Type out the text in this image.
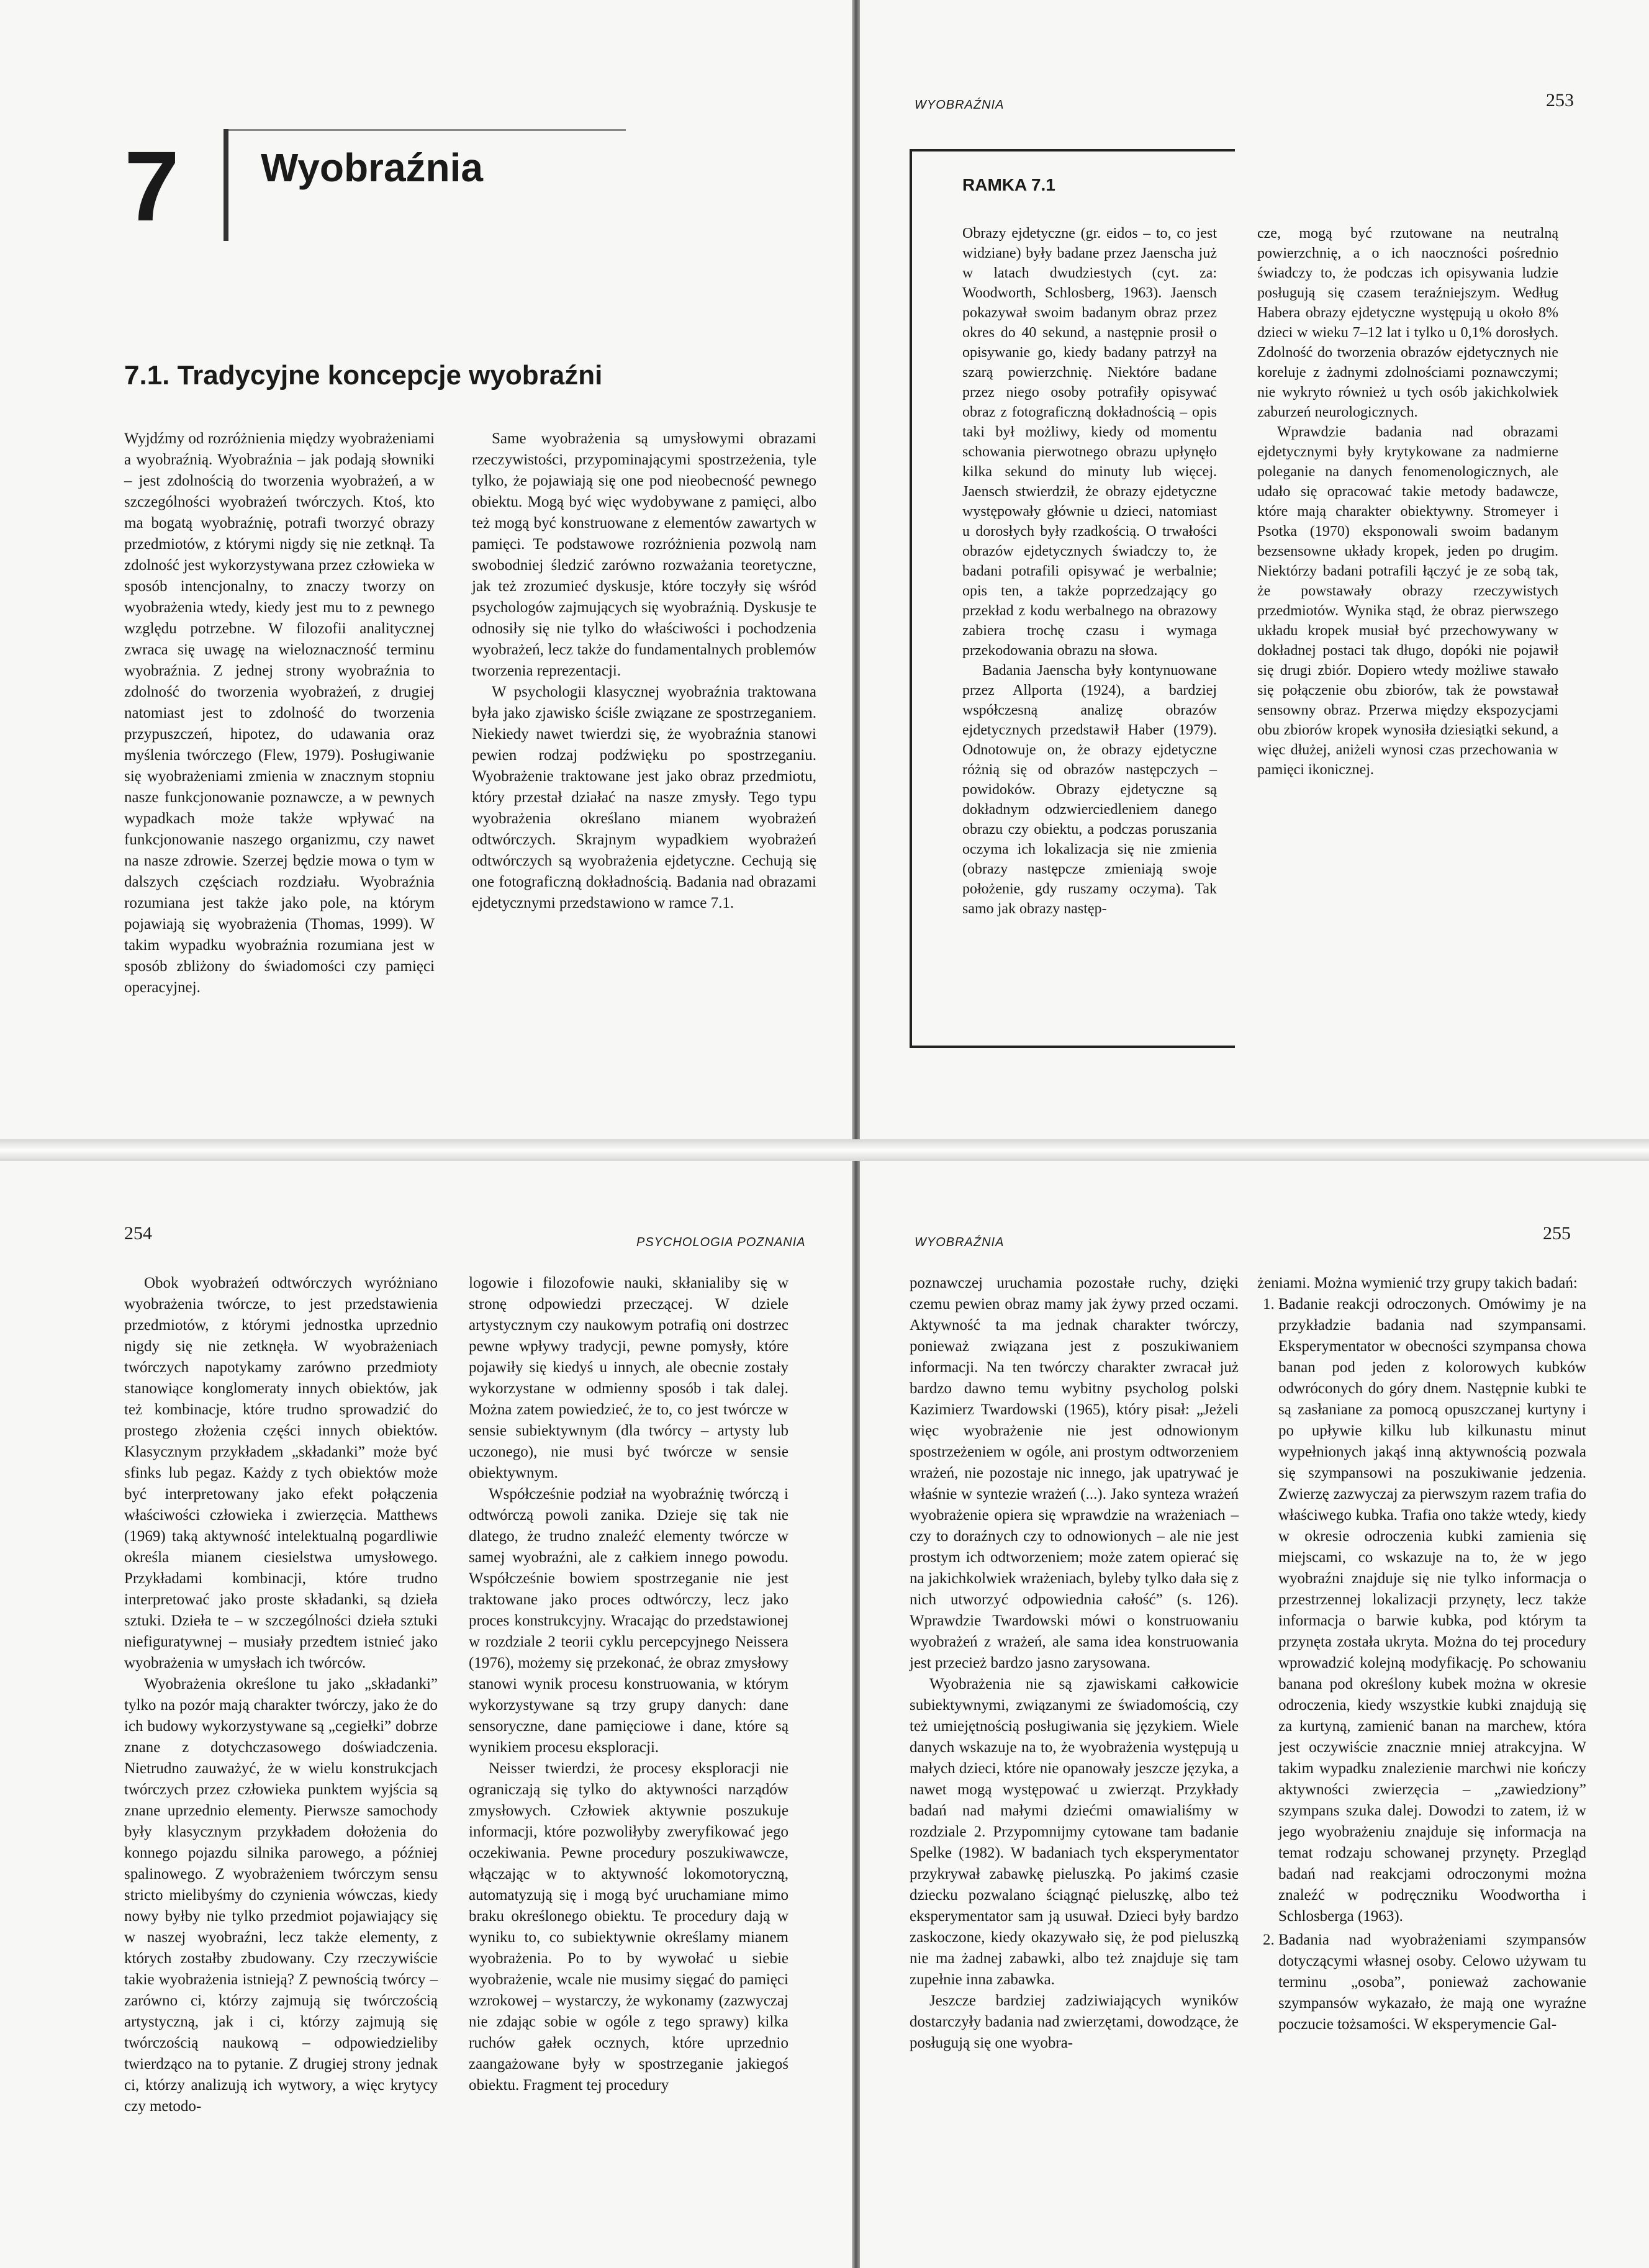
7 Wyobraźnia
7.1. Tradycyjne koncepcje wyobraźni

Wyjdźmy od rozróżnienia między wyobrażeniami a wyobraźnią. Wyobraźnia – jak podają słowniki – jest zdolnością do tworzenia wyobrażeń, a w szczególności wyobrażeń twórczych. Ktoś, kto ma bogatą wyobraźnię, potrafi tworzyć obrazy przedmiotów, z którymi nigdy się nie zetknął. Ta zdolność jest wykorzystywana przez człowieka w sposób intencjonalny, to znaczy tworzy on wyobrażenia wtedy, kiedy jest mu to z pewnego względu potrzebne. W filozofii analitycznej zwraca się uwagę na wieloznaczność terminu wyobraźnia. Z jednej strony wyobraźnia to zdolność do tworzenia wyobrażeń, z drugiej natomiast jest to zdolność do tworzenia przypuszczeń, hipotez, do udawania oraz myślenia twórczego (Flew, 1979). Posługiwanie się wyobrażeniami zmienia w znacznym stopniu nasze funkcjonowanie poznawcze, a w pewnych wypadkach może także wpływać na funkcjonowanie naszego organizmu, czy nawet na nasze zdrowie. Szerzej będzie mowa o tym w dalszych częściach rozdziału. Wyobraźnia rozumiana jest także jako pole, na którym pojawiają się wyobrażenia (Thomas, 1999). W takim wypadku wyobraźnia rozumiana jest w sposób zbliżony do świadomości czy pamięci operacyjnej.

Same wyobrażenia są umysłowymi obrazami rzeczywistości, przypominającymi spostrzeżenia, tyle tylko, że pojawiają się one pod nieobecność pewnego obiektu. Mogą być więc wydobywane z pamięci, albo też mogą być konstruowane z elementów zawartych w pamięci. Te podstawowe rozróżnienia pozwolą nam swobodniej śledzić zarówno rozważania teoretyczne, jak też zrozumieć dyskusje, które toczyły się wśród psychologów zajmujących się wyobraźnią. Dyskusje te odnosiły się nie tylko do właściwości i pochodzenia wyobrażeń, lecz także do fundamentalnych problemów tworzenia reprezentacji.

W psychologii klasycznej wyobraźnia traktowana była jako zjawisko ściśle związane ze spostrzeganiem. Niekiedy nawet twierdzi się, że wyobraźnia stanowi pewien rodzaj podźwięku po spostrzeganiu. Wyobrażenie traktowane jest jako obraz przedmiotu, który przestał działać na naszе zmysły. Tego typu wyobrażenia określano mianem wyobrażeń odtwórczych. Skrajnym wypadkiem wyobrażeń odtwórczych są wyobrażenia ejdetyczne. Cechują się one fotograficzną dokładnością. Badania nad obrazami ejdetycznymi przedstawiono w ramce 7.1.

WYOBRAŹNIA	253
RAMKA 7.1

Obrazy ejdetyczne (gr. eidos – to, co jest widziane) były badane przez Jaenscha już w latach dwudziestych (cyt. za: Woodworth, Schlosberg, 1963). Jaensch pokazywał swoim badanym obraz przez okres do 40 sekund, a następnie prosił o opisywanie go, kiedy badany patrzył na szarą powierzchnię. Niektóre badane przez niego osoby potrafiły opisywać obraz z fotograficzną dokładnością – opis taki był możliwy, kiedy od momentu schowania pierwotnego obrazu upłynęło kilka sekund do minuty lub więcej. Jaensch stwierdził, że obrazy ejdetyczne występowały głównie u dzieci, natomiast u dorosłych były rzadkością. O trwałości obrazów ejdetycznych świadczy to, że badani potrafili opisywać je werbalnie; opis ten, a także poprzedzający go przekład z kodu werbalnego na obrazowy zabiera trochę czasu i wymaga przekodowania obrazu na słowa.

Badania Jaenscha były kontynuowane przez Allporta (1924), a bardziej współczesną analizę obrazów ejdetycznych przedstawił Haber (1979). Odnotowuje on, że obrazy ejdetyczne różnią się od obrazów następczych – powidoków. Obrazy ejdetyczne są dokładnym odzwierciedleniem danego obrazu czy obiektu, a podczas poruszania oczyma ich lokalizacja się nie zmienia (obrazy następcze zmieniają swoje położenie, gdy ruszamy oczyma). Tak samo jak obrazy następ-

cze, mogą być rzutowane na neutralną powierzchnię, a o ich naoczności pośrednio świadczy to, że podczas ich opisywania ludzie posługują się czasem teraźniejszym. Według Habera obrazy ejdetyczne występują u około 8% dzieci w wieku 7–12 lat i tylko u 0,1% dorosłych. Zdolność do tworzenia obrazów ejdetycznych nie koreluje z żadnymi zdolnościami poznawczymi; nie wykryto również u tych osób jakichkolwiek zaburzeń neurologicznych.

Wprawdzie badania nad obrazami ejdetycznymi były krytykowane za nadmierne poleganie na danych fenomenologicznych, ale udało się opracować takie metody badawcze, które mają charakter obiektywny. Stromeyer i Psotka (1970) eksponowali swoim badanym bezsensowne układy kropek, jeden po drugim. Niektórzy badani potrafili łączyć je ze sobą tak, że powstawały obrazy rzeczywistych przedmiotów. Wynika stąd, że obraz pierwszego układu kropek musiał być przechowywany w dokładnej postaci tak długo, dopóki nie pojawił się drugi zbiór. Dopiero wtedy możliwe stawało się połączenie obu zbiorów, tak że powstawał sensowny obraz. Przerwa między ekspozycjami obu zbiorów kropek wynosiła dziesiątki sekund, a więc dłużej, aniżeli wynosi czas przechowania w pamięci ikonicznej.

254	PSYCHOLOGIA POZNANIA

Obok wyobrażeń odtwórczych wyróżniano wyobrażenia twórcze, to jest przedstawienia przedmiotów, z którymi jednostka uprzednio nigdy się nie zetknęła. W wyobrażeniach twórczych napotykamy zarówno przedmioty stanowiące konglomeraty innych obiektów, jak też kombinacje, które trudno sprowadzić do prostego złożenia części innych obiektów. Klasycznym przykładem „składanki” może być sfinks lub pegaz. Każdy z tych obiektów może być interpretowany jako efekt połączenia właściwości człowieka i zwierzęcia. Matthews (1969) taką aktywność intelektualną pogardliwie określa mianem ciesielstwa umysłowego. Przykładami kombinacji, które trudno interpretować jako proste składanki, są dzieła sztuki. Dzieła te – w szczególności dzieła sztuki niefiguratywnej – musiały przedtem istnieć jako wyobrażenia w umysłach ich twórców.

Wyobrażenia określone tu jako „składanki” tylko na pozór mają charakter twórczy, jako że do ich budowy wykorzystywane są „cegiełki” dobrze znane z dotychczasowego doświadczenia. Nietrudno zauważyć, że w wielu konstrukcjach twórczych przez człowieka punktem wyjścia są znane uprzednio elementy. Pierwsze samochody były klasycznym przykładem dołożenia do konnego pojazdu silnika parowego, a później spalinowego. Z wyobrażeniem twórczym sensu stricto mielibyśmy do czynienia wówczas, kiedy nowy byłby nie tylko przedmiot pojawiający się w naszej wyobraźni, lecz także elementy, z których zostałby zbudowany. Czy rzeczywiście takie wyobrażenia istnieją? Z pewnością twórcy – zarówno ci, którzy zajmują się twórczością artystyczną, jak i ci, którzy zajmują się twórczością naukową – odpowiedzieliby twierdząco na to pytanie. Z drugiej strony jednak ci, którzy analizują ich wytwory, a więc krytycy czy metodo-

logowie i filozofowie nauki, skłanialiby się w stronę odpowiedzi przeczącej. W dziele artystycznym czy naukowym potrafią oni dostrzec pewne wpływy tradycji, pewne pomysły, które pojawiły się kiedyś u innych, ale obecnie zostały wykorzystane w odmienny sposób i tak dalej. Można zatem powiedzieć, że to, co jest twórcze w sensie subiektywnym (dla twórcy – artysty lub uczonego), nie musi być twórcze w sensie obiektywnym.

Współcześnie podział na wyobraźnię twórczą i odtwórczą powoli zanika. Dzieje się tak nie dlatego, że trudno znaleźć elementy twórcze w samej wyobraźni, ale z całkiem innego powodu. Współcześnie bowiem spostrzeganie nie jest traktowane jako proces odtwórczy, lecz jako proces konstrukcyjny. Wracając do przedstawionej w rozdziale 2 teorii cyklu percepcyjnego Neissera (1976), możemy się przekonać, że obraz zmysłowy stanowi wynik procesu konstruowania, w którym wykorzystywane są trzy grupy danych: dane sensoryczne, dane pamięciowe i dane, które są wynikiem procesu eksploracji.

Neisser twierdzi, że procesy eksploracji nie ograniczają się tylko do aktywności narządów zmysłowych. Człowiek aktywnie poszukuje informacji, które pozwoliłyby zweryfikować jego oczekiwania. Pewne procedury poszukiwawcze, włączając w to aktywność lokomotoryczną, automatyzują się i mogą być uruchamiane mimo braku określonego obiektu. Te procedury dają w wyniku to, co subiektywnie określamy mianem wyobrażenia. Po to by wywołać u siebie wyobrażenie, wcale nie musimy sięgać do pamięci wzrokowej – wystarczy, że wykonamy (zazwyczaj nie zdając sobie w ogóle z tego sprawy) kilka ruchów gałek ocznych, które uprzednio zaangażowane były w spostrzeganie jakiegoś obiektu. Fragment tej procedury

WYOBRAŹNIA	255

poznawczej uruchamia pozostałe ruchy, dzięki czemu pewien obraz mamy jak żywy przed oczami. Aktywność ta ma jednak charakter twórczy, ponieważ związana jest z poszukiwaniem informacji. Na ten twórczy charakter zwracał już bardzo dawno temu wybitny psycholog polski Kazimierz Twardowski (1965), który pisał: „Jeżeli więc wyobrażenie nie jest odnowionym spostrzeżeniem w ogóle, ani prostym odtworzeniem wrażeń, nie pozostaje nic innego, jak upatrywać je właśnie w syntezie wrażeń (...). Jako synteza wrażeń wyobrażenie opiera się wprawdzie na wrażeniach – czy to doraźnych czy to odnowionych – ale nie jest prostym ich odtworzeniem; może zatem opierać się na jakichkolwiek wrażeniach, byleby tylko dała się z nich utworzyć odpowiednia całość” (s. 126). Wprawdzie Twardowski mówi o konstruowaniu wyobrażeń z wrażeń, ale sama idea konstruowania jest przecież bardzo jasno zarysowana.

Wyobrażenia nie są zjawiskami całkowicie subiektywnymi, związanymi ze świadomością, czy też umiejętnością posługiwania się językiem. Wiele danych wskazuje na to, że wyobrażenia występują u małych dzieci, które nie opanowały jeszcze języka, a nawet mogą występować u zwierząt. Przykłady badań nad małymi dziećmi omawialiśmy w rozdziale 2. Przypomnijmy cytowane tam badanie Spelke (1982). W badaniach tych eksperymentator przykrywał zabawkę pieluszką. Po jakimś czasie dziecku pozwalano ściągnąć pieluszkę, albo też eksperymentator sam ją usuwał. Dzieci były bardzo zaskoczone, kiedy okazywało się, że pod pieluszką nie ma żadnej zabawki, albo też znajduje się tam zupełnie inna zabawka.

Jeszcze bardziej zadziwiających wyników dostarczyły badania nad zwierzętami, dowodzące, że posługują się one wyobra-

żeniami. Można wymienić trzy grupy takich badań:

1. Badanie reakcji odroczonych. Omówimy je na przykładzie badania nad szympansami. Eksperymentator w obecności szympansa chowa banan pod jeden z kolorowych kubków odwróconych do góry dnem. Następnie kubki te są zasłaniane za pomocą opuszczanej kurtyny i po upływie kilku lub kilkunastu minut wypełnionych jakąś inną aktywnością pozwala się szympansowi na poszukiwanie jedzenia. Zwierzę zazwyczaj za pierwszym razem trafia do właściwego kubka. Trafia ono także wtedy, kiedy w okresie odroczenia kubki zamienia się miejscami, co wskazuje na to, że w jego wyobraźni znajduje się nie tylko informacja o przestrzennej lokalizacji przynęty, lecz także informacja o barwie kubka, pod którym ta przynęta została ukryta. Można do tej procedury wprowadzić kolejną modyfikację. Po schowaniu banana pod określony kubek można w okresie odroczenia, kiedy wszystkie kubki znajdują się za kurtyną, zamienić banan na marchew, która jest oczywiście znacznie mniej atrakcyjna. W takim wypadku znalezienie marchwi nie kończy aktywności zwierzęcia – „zawiedziony” szympans szuka dalej. Dowodzi to zatem, iż w jego wyobrażeniu znajduje się informacja na temat rodzaju schowanej przynęty. Przegląd badań nad reakcjami odroczonymi można znaleźć w podręczniku Woodwortha i Schlosberga (1963).
2. Badania nad wyobrażeniami szympansów dotyczącymi własnej osoby. Celowo używam tu terminu „osoba”, ponieważ zachowanie szympansów wykazało, że mają one wyraźne poczucie tożsamości. W eksperymencie Gal-
